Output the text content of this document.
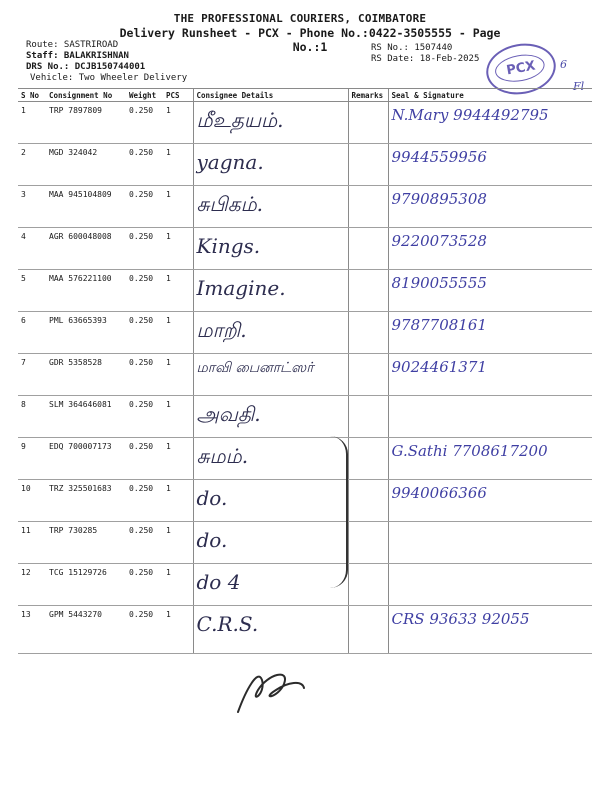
THE PROFESSIONAL COURIERS, COIMBATORE
Delivery Runsheet - PCX - Phone No.:0422-3505555 - Page No.:1
Route: SASTRIROAD
Staff: BALAKRISHNAN
DRS No.: DCJB150744001
Vehicle: Two Wheeler Delivery
RS No.: 1507440
RS Date: 18-Feb-2025	PCX	6
Fl
S No	Consignment No	Weight	PCS	Consignee Details	Remarks	Seal & Signature
1	TRP 7897809	0.250	1	மீஉதயம்.		N.Mary 9944492795
2	MGD 324042	0.250	1	yagna.		9944559956
3	MAA 945104809	0.250	1	சுபிகம்.		9790895308
4	AGR 600048008	0.250	1	Kings.		9220073528
5	MAA 576221100	0.250	1	Imagine.		8190055555
6	PML 63665393	0.250	1	மாறி.		9787708161
7	GDR 5358528	0.250	1	மாவி பைனாட்ஸர்		9024461371
8	SLM 364646081	0.250	1	அவதி.		
9	EDQ 700007173	0.250	1	சுமம்.		G.Sathi 7708617200
10	TRZ 325501683	0.250	1	do.		9940066366
11	TRP 730285	0.250	1	do.		
12	TCG 15129726	0.250	1	do 4		
13	GPM 5443270	0.250	1	C.R.S.		CRS 93633 92055
